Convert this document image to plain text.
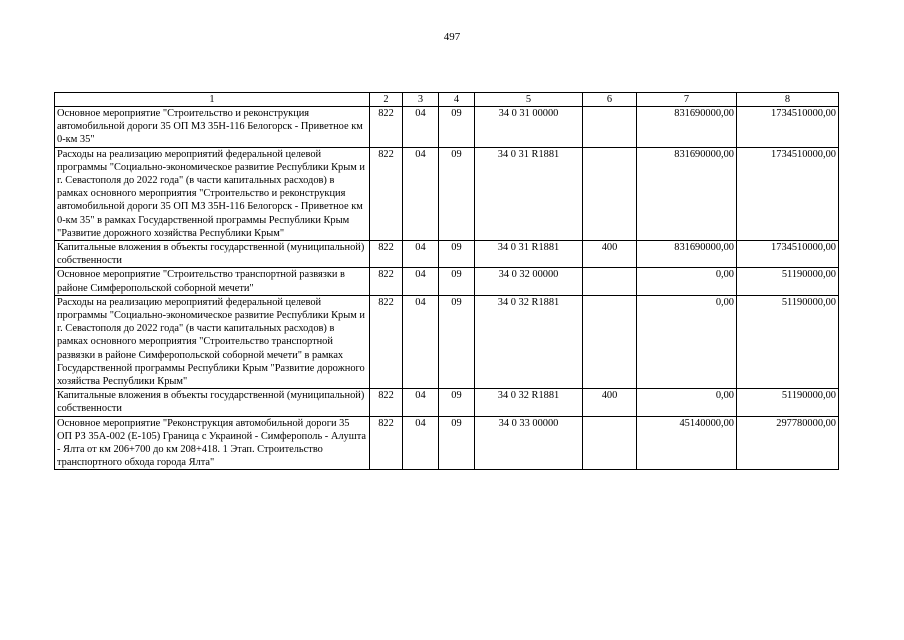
497
1	2	3	4	5	6	7	8
Основное мероприятие "Строительство и реконструкция автомобильной дороги 35 ОП МЗ 35Н-116 Белогорск - Приветное км 0-км 35"	822	04	09	34 0 31 00000		831690000,00	1734510000,00
Расходы на реализацию мероприятий федеральной целевой программы "Социально-экономическое развитие Республики Крым и г. Севастополя до 2022 года" (в части капитальных расходов) в рамках основного мероприятия "Строительство и реконструкция автомобильной дороги 35 ОП МЗ 35Н-116 Белогорск - Приветное км 0-км 35" в рамках Государственной программы Республики Крым "Развитие дорожного хозяйства Республики Крым"	822	04	09	34 0 31 R1881		831690000,00	1734510000,00
Капитальные вложения в объекты государственной (муниципальной) собственности	822	04	09	34 0 31 R1881	400	831690000,00	1734510000,00
Основное мероприятие "Строительство транспортной развязки в районе Симферопольской соборной мечети"	822	04	09	34 0 32 00000		0,00	51190000,00
Расходы на реализацию мероприятий федеральной целевой программы "Социально-экономическое развитие Республики Крым и г. Севастополя до 2022 года" (в части капитальных расходов) в рамках основного мероприятия "Строительство транспортной развязки в районе Симферопольской соборной мечети" в рамках Государственной программы Республики Крым "Развитие дорожного хозяйства Республики Крым"	822	04	09	34 0 32 R1881		0,00	51190000,00
Капитальные вложения в объекты государственной (муниципальной) собственности	822	04	09	34 0 32 R1881	400	0,00	51190000,00
Основное мероприятие "Реконструкция автомобильной дороги 35 ОП РЗ 35А-002 (Е-105) Граница с Украиной - Симферополь - Алушта - Ялта от км 206+700 до км 208+418. 1 Этап. Строительство транспортного обхода города Ялта"	822	04	09	34 0 33 00000		45140000,00	297780000,00
